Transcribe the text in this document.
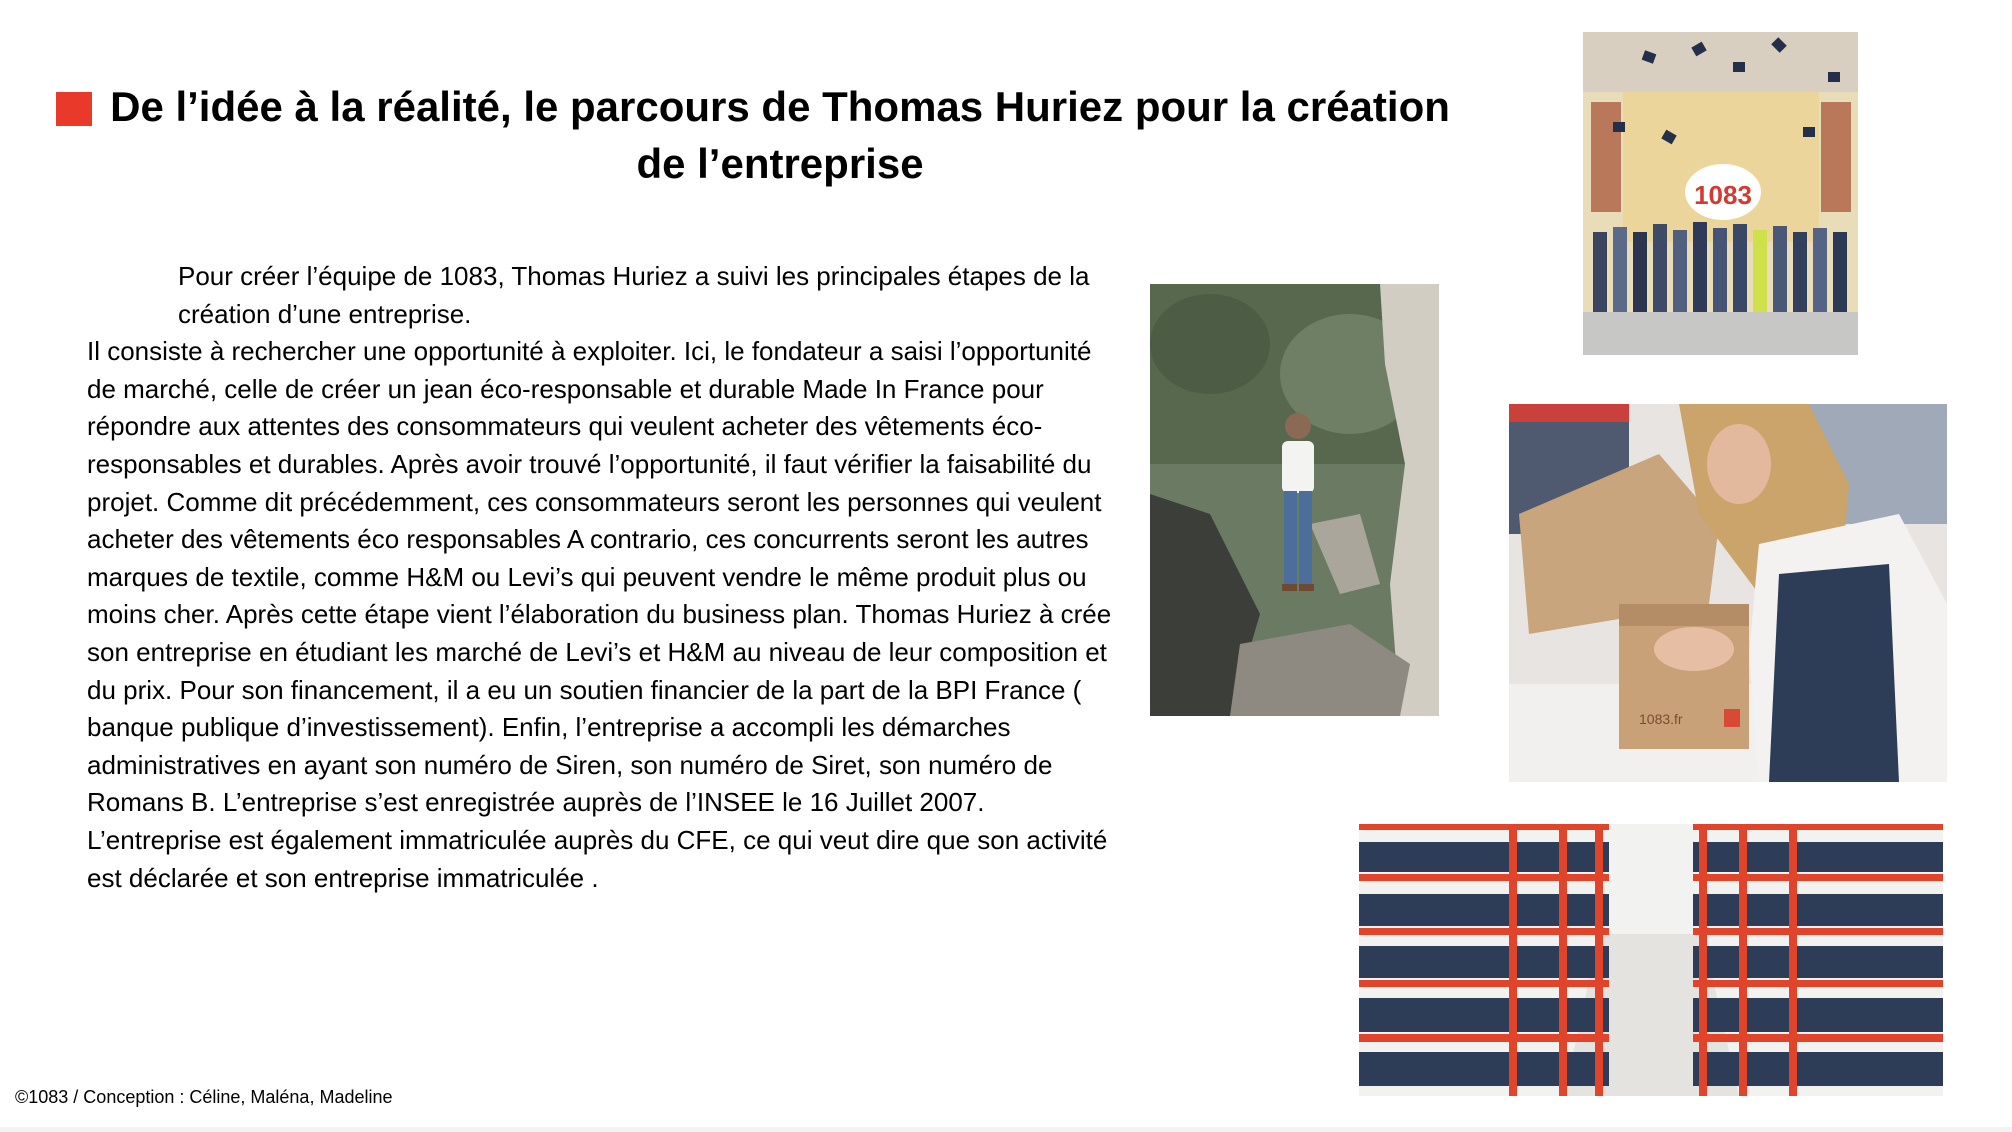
De l’idée à la réalité, le parcours de Thomas Huriez pour la création de l’entreprise

Pour créer l’équipe de 1083, Thomas Huriez a suivi les principales étapes de la création d’une entreprise.

Il consiste à rechercher une opportunité à exploiter. Ici, le fondateur a saisi l’opportunité de marché, celle de créer un jean éco-responsable et durable Made In France pour répondre aux attentes des consommateurs qui veulent acheter des vêtements éco-responsables et durables. Après avoir trouvé l’opportunité, il faut vérifier la faisabilité du projet. Comme dit précédemment, ces consommateurs seront les personnes qui veulent acheter des vêtements éco responsables A contrario, ces concurrents seront les autres marques de textile, comme H&M ou Levi’s qui peuvent vendre le même produit plus ou moins cher. Après cette étape vient l’élaboration du business plan. Thomas Huriez à crée son entreprise en étudiant les marché de Levi’s et H&M au niveau de leur composition et du prix. Pour son financement, il a eu un soutien financier de la part de la BPI France ( banque publique d’investissement). Enfin, l’entreprise a accompli les démarches administratives en ayant son numéro de Siren, son numéro de Siret, son numéro de Romans B. L’entreprise s’est enregistrée auprès de l’INSEE le 16 Juillet 2007. L’entreprise est également immatriculée auprès du CFE, ce qui veut dire que son activité est déclarée et son entreprise immatriculée .

1083
1083.fr
©1083 / Conception : Céline, Maléna, Madeline
